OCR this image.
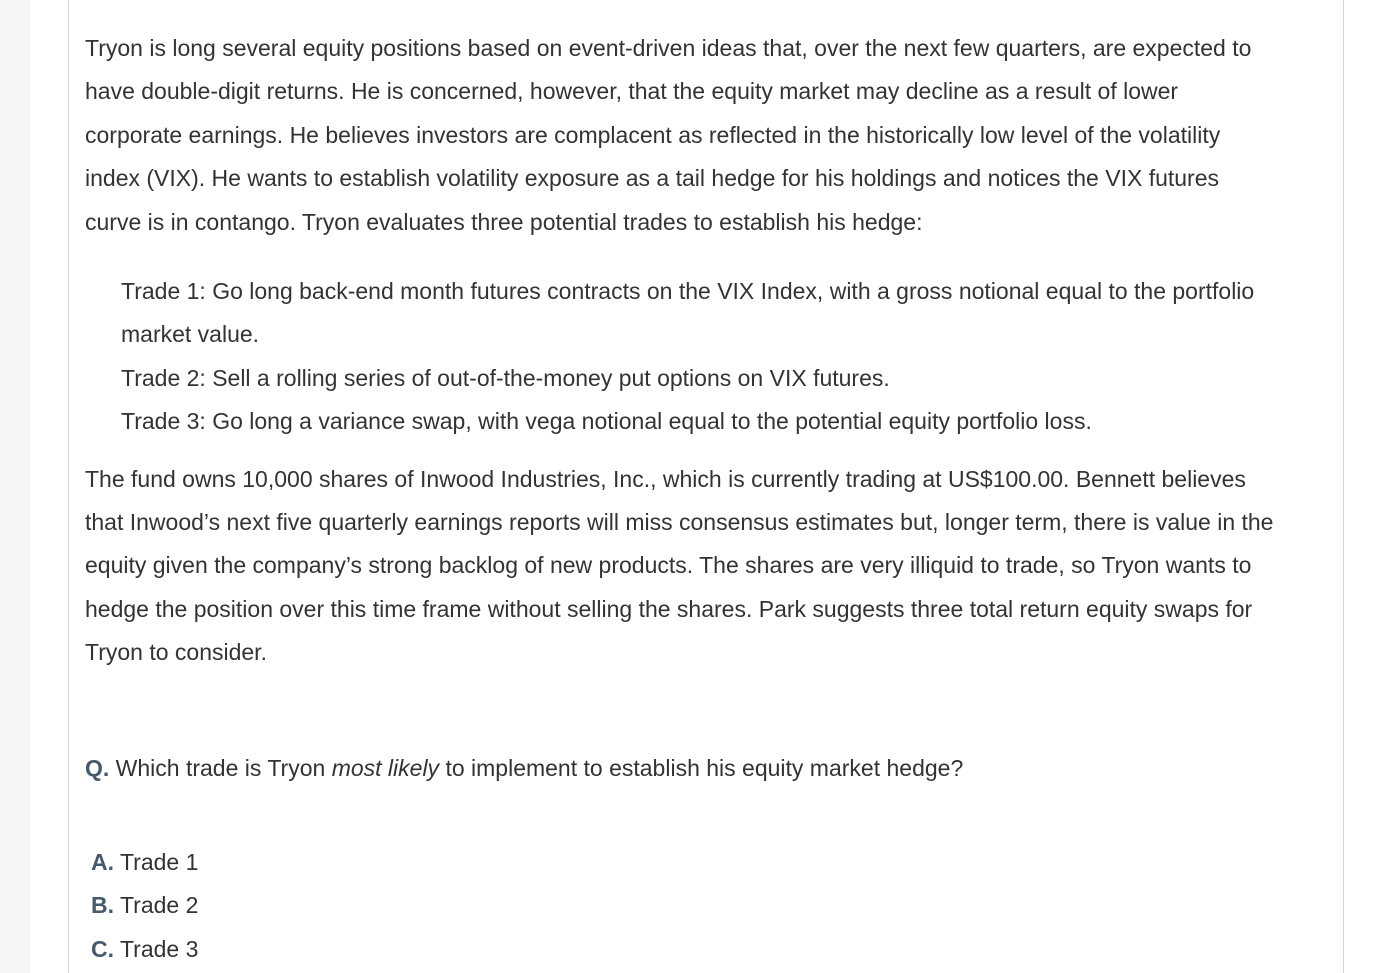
Tryon is long several equity positions based on event-driven ideas that, over the next few quarters, are expected to
have double-digit returns. He is concerned, however, that the equity market may decline as a result of lower
corporate earnings. He believes investors are complacent as reflected in the historically low level of the volatility
index (VIX). He wants to establish volatility exposure as a tail hedge for his holdings and notices the VIX futures
curve is in contango. Tryon evaluates three potential trades to establish his hedge:

Trade 1: Go long back-end month futures contracts on the VIX Index, with a gross notional equal to the portfolio
market value.

Trade 2: Sell a rolling series of out-of-the-money put options on VIX futures.

Trade 3: Go long a variance swap, with vega notional equal to the potential equity portfolio loss.

The fund owns 10,000 shares of Inwood Industries, Inc., which is currently trading at US$100.00. Bennett believes
that Inwood’s next five quarterly earnings reports will miss consensus estimates but, longer term, there is value in the
equity given the company’s strong backlog of new products. The shares are very illiquid to trade, so Tryon wants to
hedge the position over this time frame without selling the shares. Park suggests three total return equity swaps for
Tryon to consider.

Q. Which trade is Tryon most likely to implement to establish his equity market hedge?
A. Trade 1
B. Trade 2
C. Trade 3
